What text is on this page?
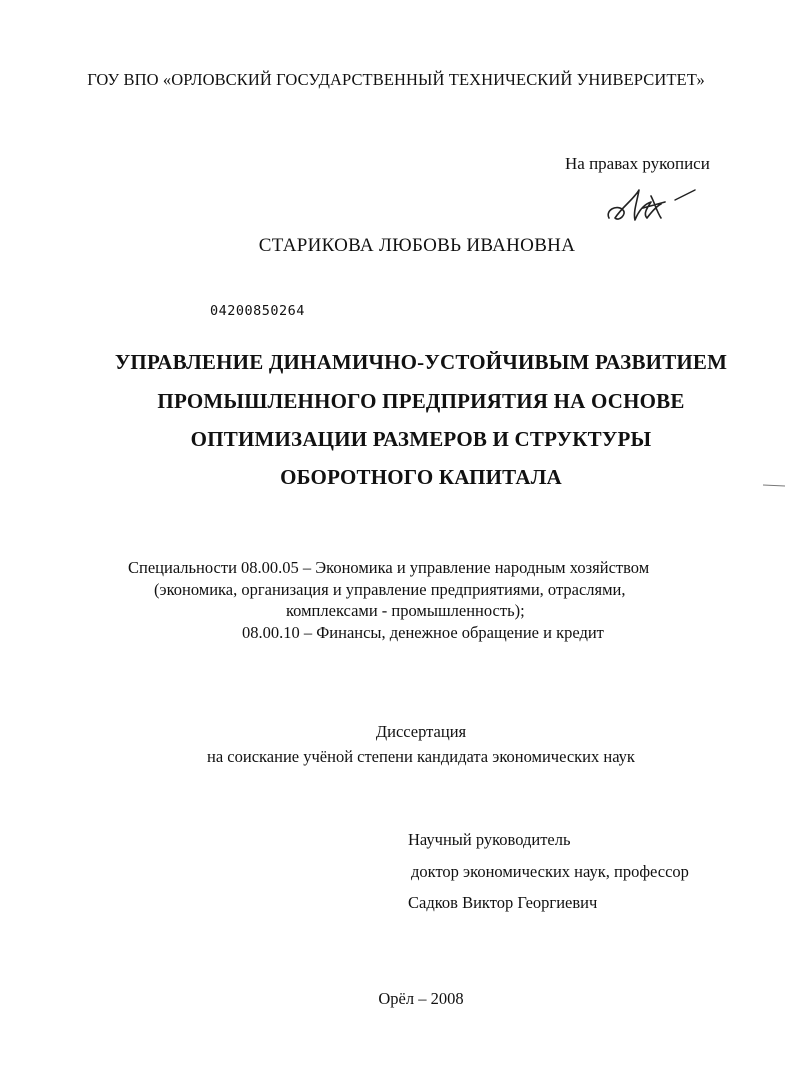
ГОУ ВПО «ОРЛОВСКИЙ ГОСУДАРСТВЕННЫЙ ТЕХНИЧЕСКИЙ УНИВЕРСИТЕТ»
На правах рукописи
СТАРИКОВА ЛЮБОВЬ ИВАНОВНА
04200850264
УПРАВЛЕНИЕ ДИНАМИЧНО-УСТОЙЧИВЫМ РАЗВИТИЕМ
ПРОМЫШЛЕННОГО ПРЕДПРИЯТИЯ НА ОСНОВЕ
ОПТИМИЗАЦИИ РАЗМЕРОВ И СТРУКТУРЫ
ОБОРОТНОГО КАПИТАЛА
Специальности 08.00.05 – Экономика и управление народным хозяйством
(экономика, организация и управление предприятиями, отраслями,
комплексами - промышленность);
08.00.10 – Финансы, денежное обращение и кредит
Диссертация
на соискание учёной степени кандидата экономических наук
Научный руководитель
доктор экономических наук, профессор
Садков Виктор Георгиевич
Орёл – 2008
